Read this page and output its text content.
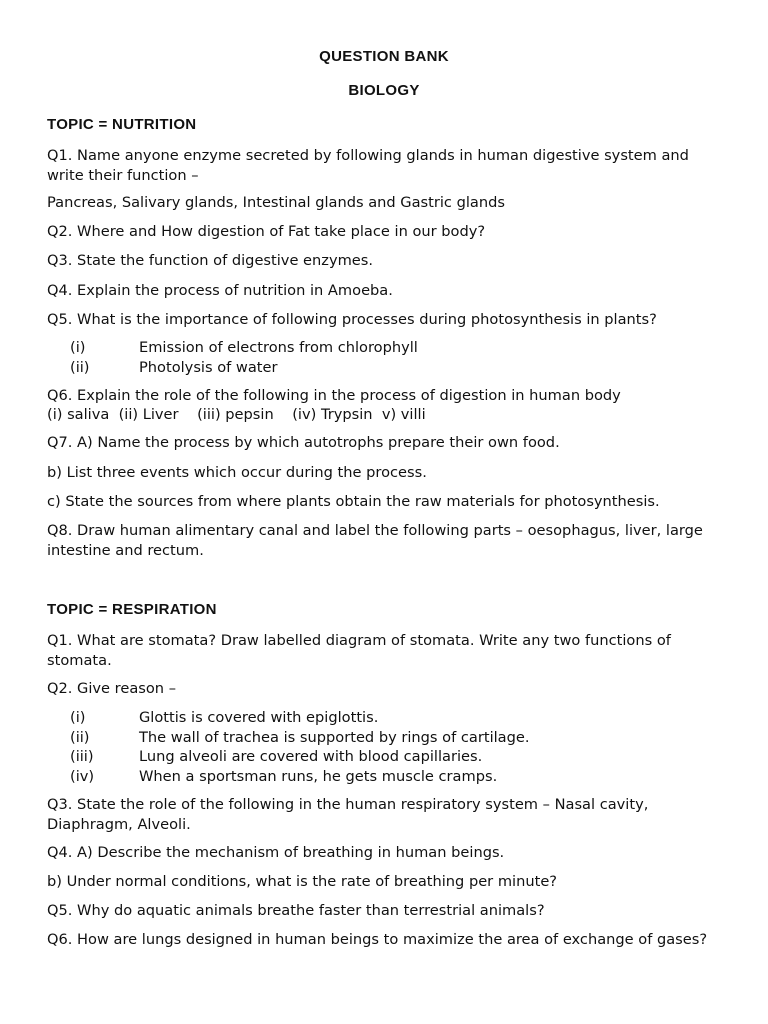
QUESTION BANK
BIOLOGY
TOPIC = NUTRITION

Q1. Name anyone enzyme secreted by following glands in human digestive system and write their function –

Pancreas, Salivary glands, Intestinal glands and Gastric glands

Q2. Where and How digestion of Fat take place in our body?

Q3. State the function of digestive enzymes.

Q4. Explain the process of nutrition in Amoeba.

Q5. What is the importance of following processes during photosynthesis in plants?

(i)	Emission of electrons from chlorophyll
(ii)	Photolysis of water

Q6. Explain the role of the following in the process of digestion in human body

(i) saliva  (ii) Liver    (iii) pepsin    (iv) Trypsin  v) villi

Q7. A) Name the process by which autotrophs prepare their own food.

b) List three events which occur during the process.

c) State the sources from where plants obtain the raw materials for photosynthesis.

Q8. Draw human alimentary canal and label the following parts – oesophagus, liver, large intestine and rectum.

TOPIC = RESPIRATION

Q1. What are stomata? Draw labelled diagram of stomata. Write any two functions of stomata.

Q2. Give reason –

(i)	Glottis is covered with epiglottis.
(ii)	The wall of trachea is supported by rings of cartilage.
(iii)	Lung alveoli are covered with blood capillaries.
(iv)	When a sportsman runs, he gets muscle cramps.

Q3. State the role of the following in the human respiratory system – Nasal cavity, Diaphragm, Alveoli.

Q4. A) Describe the mechanism of breathing in human beings.

b) Under normal conditions, what is the rate of breathing per minute?

Q5. Why do aquatic animals breathe faster than terrestrial animals?

Q6. How are lungs designed in human beings to maximize the area of exchange of gases?
